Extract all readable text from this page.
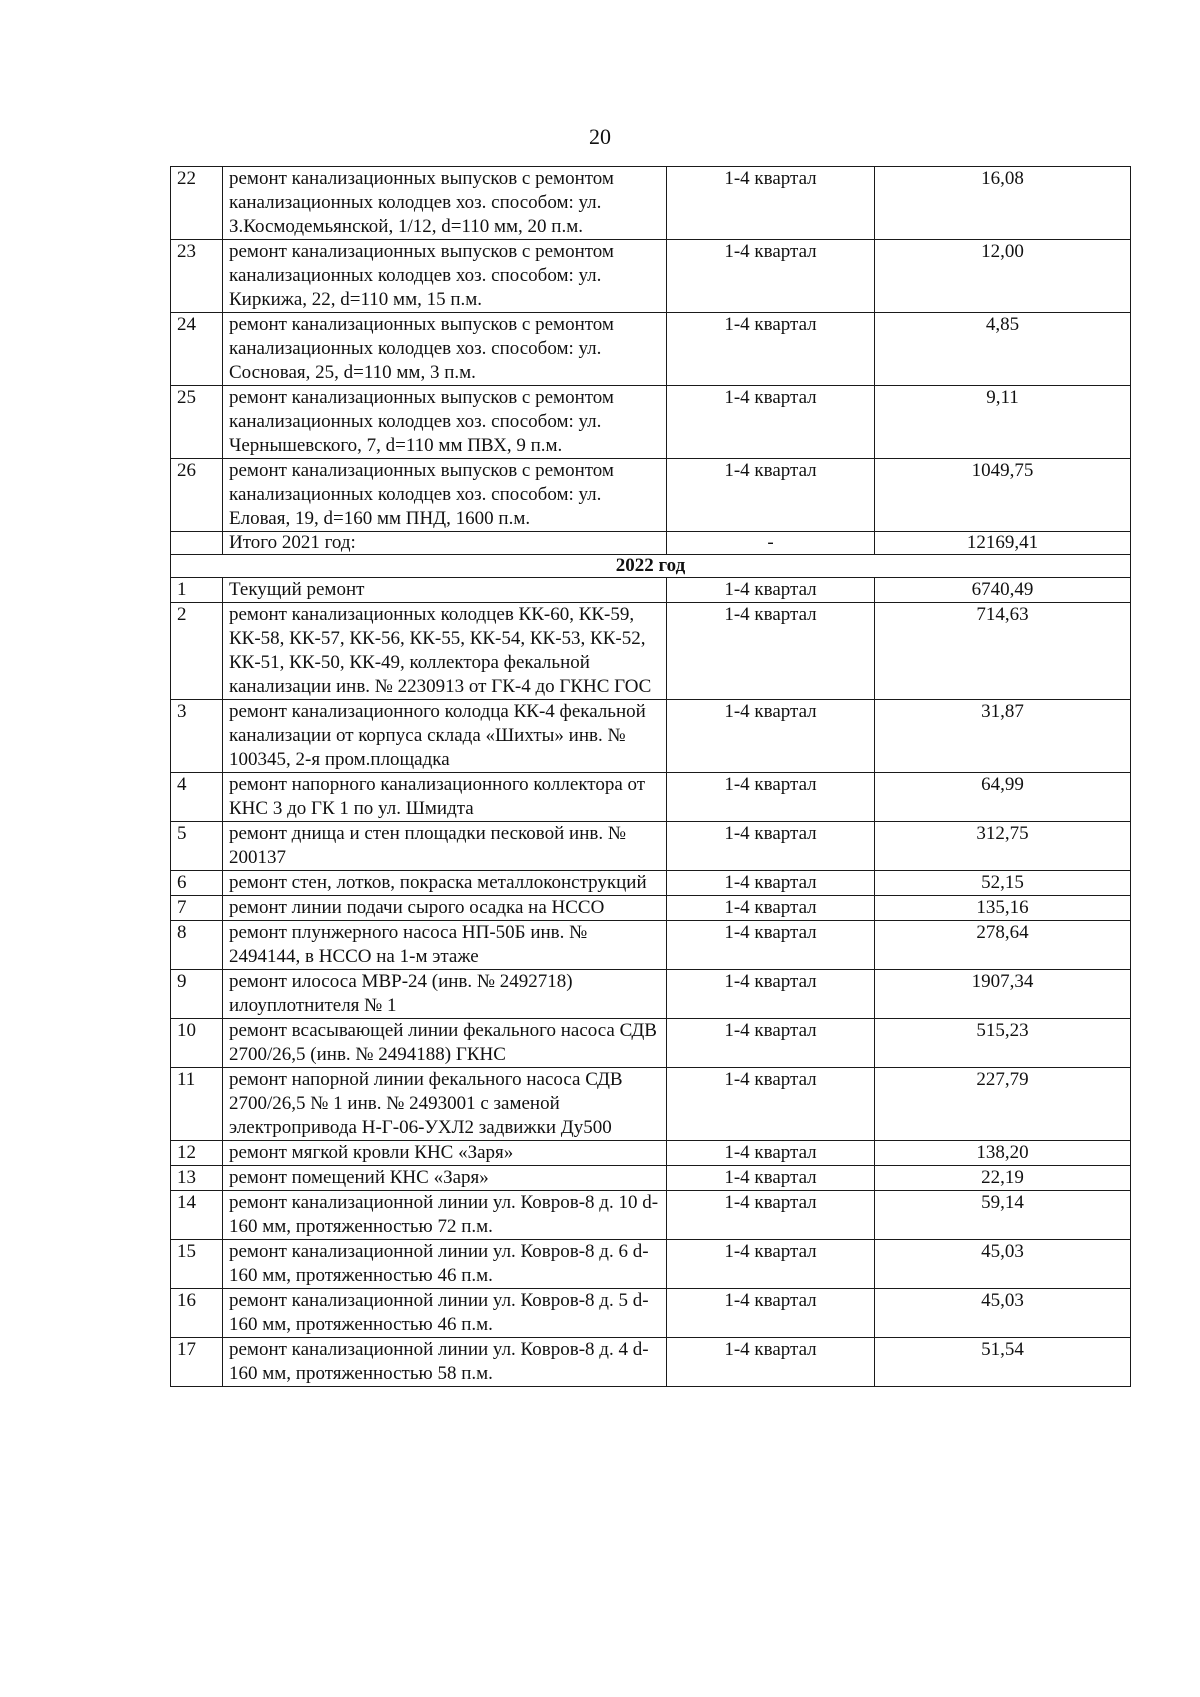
20
22	ремонт канализационных выпусков с ремонтом канализационных колодцев хоз. способом: ул. З.Космодемьянской, 1/12, d=110 мм, 20 п.м.	1-4 квартал	16,08
23	ремонт канализационных выпусков с ремонтом канализационных колодцев хоз. способом: ул. Киркижа, 22, d=110 мм, 15 п.м.	1-4 квартал	12,00
24	ремонт канализационных выпусков с ремонтом канализационных колодцев хоз. способом: ул. Сосновая, 25, d=110 мм, 3 п.м.	1-4 квартал	4,85
25	ремонт канализационных выпусков с ремонтом канализационных колодцев хоз. способом: ул. Чернышевского, 7, d=110 мм ПВХ, 9 п.м.	1-4 квартал	9,11
26	ремонт канализационных выпусков с ремонтом канализационных колодцев хоз. способом: ул. Еловая, 19, d=160 мм ПНД, 1600 п.м.	1-4 квартал	1049,75
	Итого 2021 год:	-	12169,41
2022 год			
1	Текущий ремонт	1-4 квартал	6740,49
2	ремонт канализационных колодцев КК-60, КК-59, КК-58, КК-57, КК-56, КК-55, КК-54, КК-53, КК-52, КК-51, КК-50, КК-49, коллектора фекальной канализации инв. № 2230913 от ГК-4 до ГКНС ГОС	1-4 квартал	714,63
3	ремонт канализационного колодца КК-4 фекальной канализации от корпуса склада «Шихты» инв. № 100345, 2-я пром.площадка	1-4 квартал	31,87
4	ремонт напорного канализационного коллектора от КНС 3 до ГК 1 по ул. Шмидта	1-4 квартал	64,99
5	ремонт днища и стен площадки песковой инв. № 200137	1-4 квартал	312,75
6	ремонт стен, лотков, покраска металлоконструкций	1-4 квартал	52,15
7	ремонт линии подачи сырого осадка на НССО	1-4 квартал	135,16
8	ремонт плунжерного насоса НП-50Б инв. № 2494144, в НССО на 1-м этаже	1-4 квартал	278,64
9	ремонт илососа МВР-24 (инв. № 2492718) илоуплотнителя № 1	1-4 квартал	1907,34
10	ремонт всасывающей линии фекального насоса СДВ 2700/26,5 (инв. № 2494188) ГКНС	1-4 квартал	515,23
11	ремонт напорной линии фекального насоса СДВ 2700/26,5 № 1 инв. № 2493001 с заменой электропривода Н-Г-06-УХЛ2 задвижки Ду500	1-4 квартал	227,79
12	ремонт мягкой кровли КНС «Заря»	1-4 квартал	138,20
13	ремонт помещений КНС «Заря»	1-4 квартал	22,19
14	ремонт канализационной линии ул. Ковров-8 д. 10 d-160 мм, протяженностью 72 п.м.	1-4 квартал	59,14
15	ремонт канализационной линии ул. Ковров-8 д. 6 d-160 мм, протяженностью 46 п.м.	1-4 квартал	45,03
16	ремонт канализационной линии ул. Ковров-8 д. 5 d-160 мм, протяженностью 46 п.м.	1-4 квартал	45,03
17	ремонт канализационной линии ул. Ковров-8 д. 4 d-160 мм, протяженностью 58 п.м.	1-4 квартал	51,54
